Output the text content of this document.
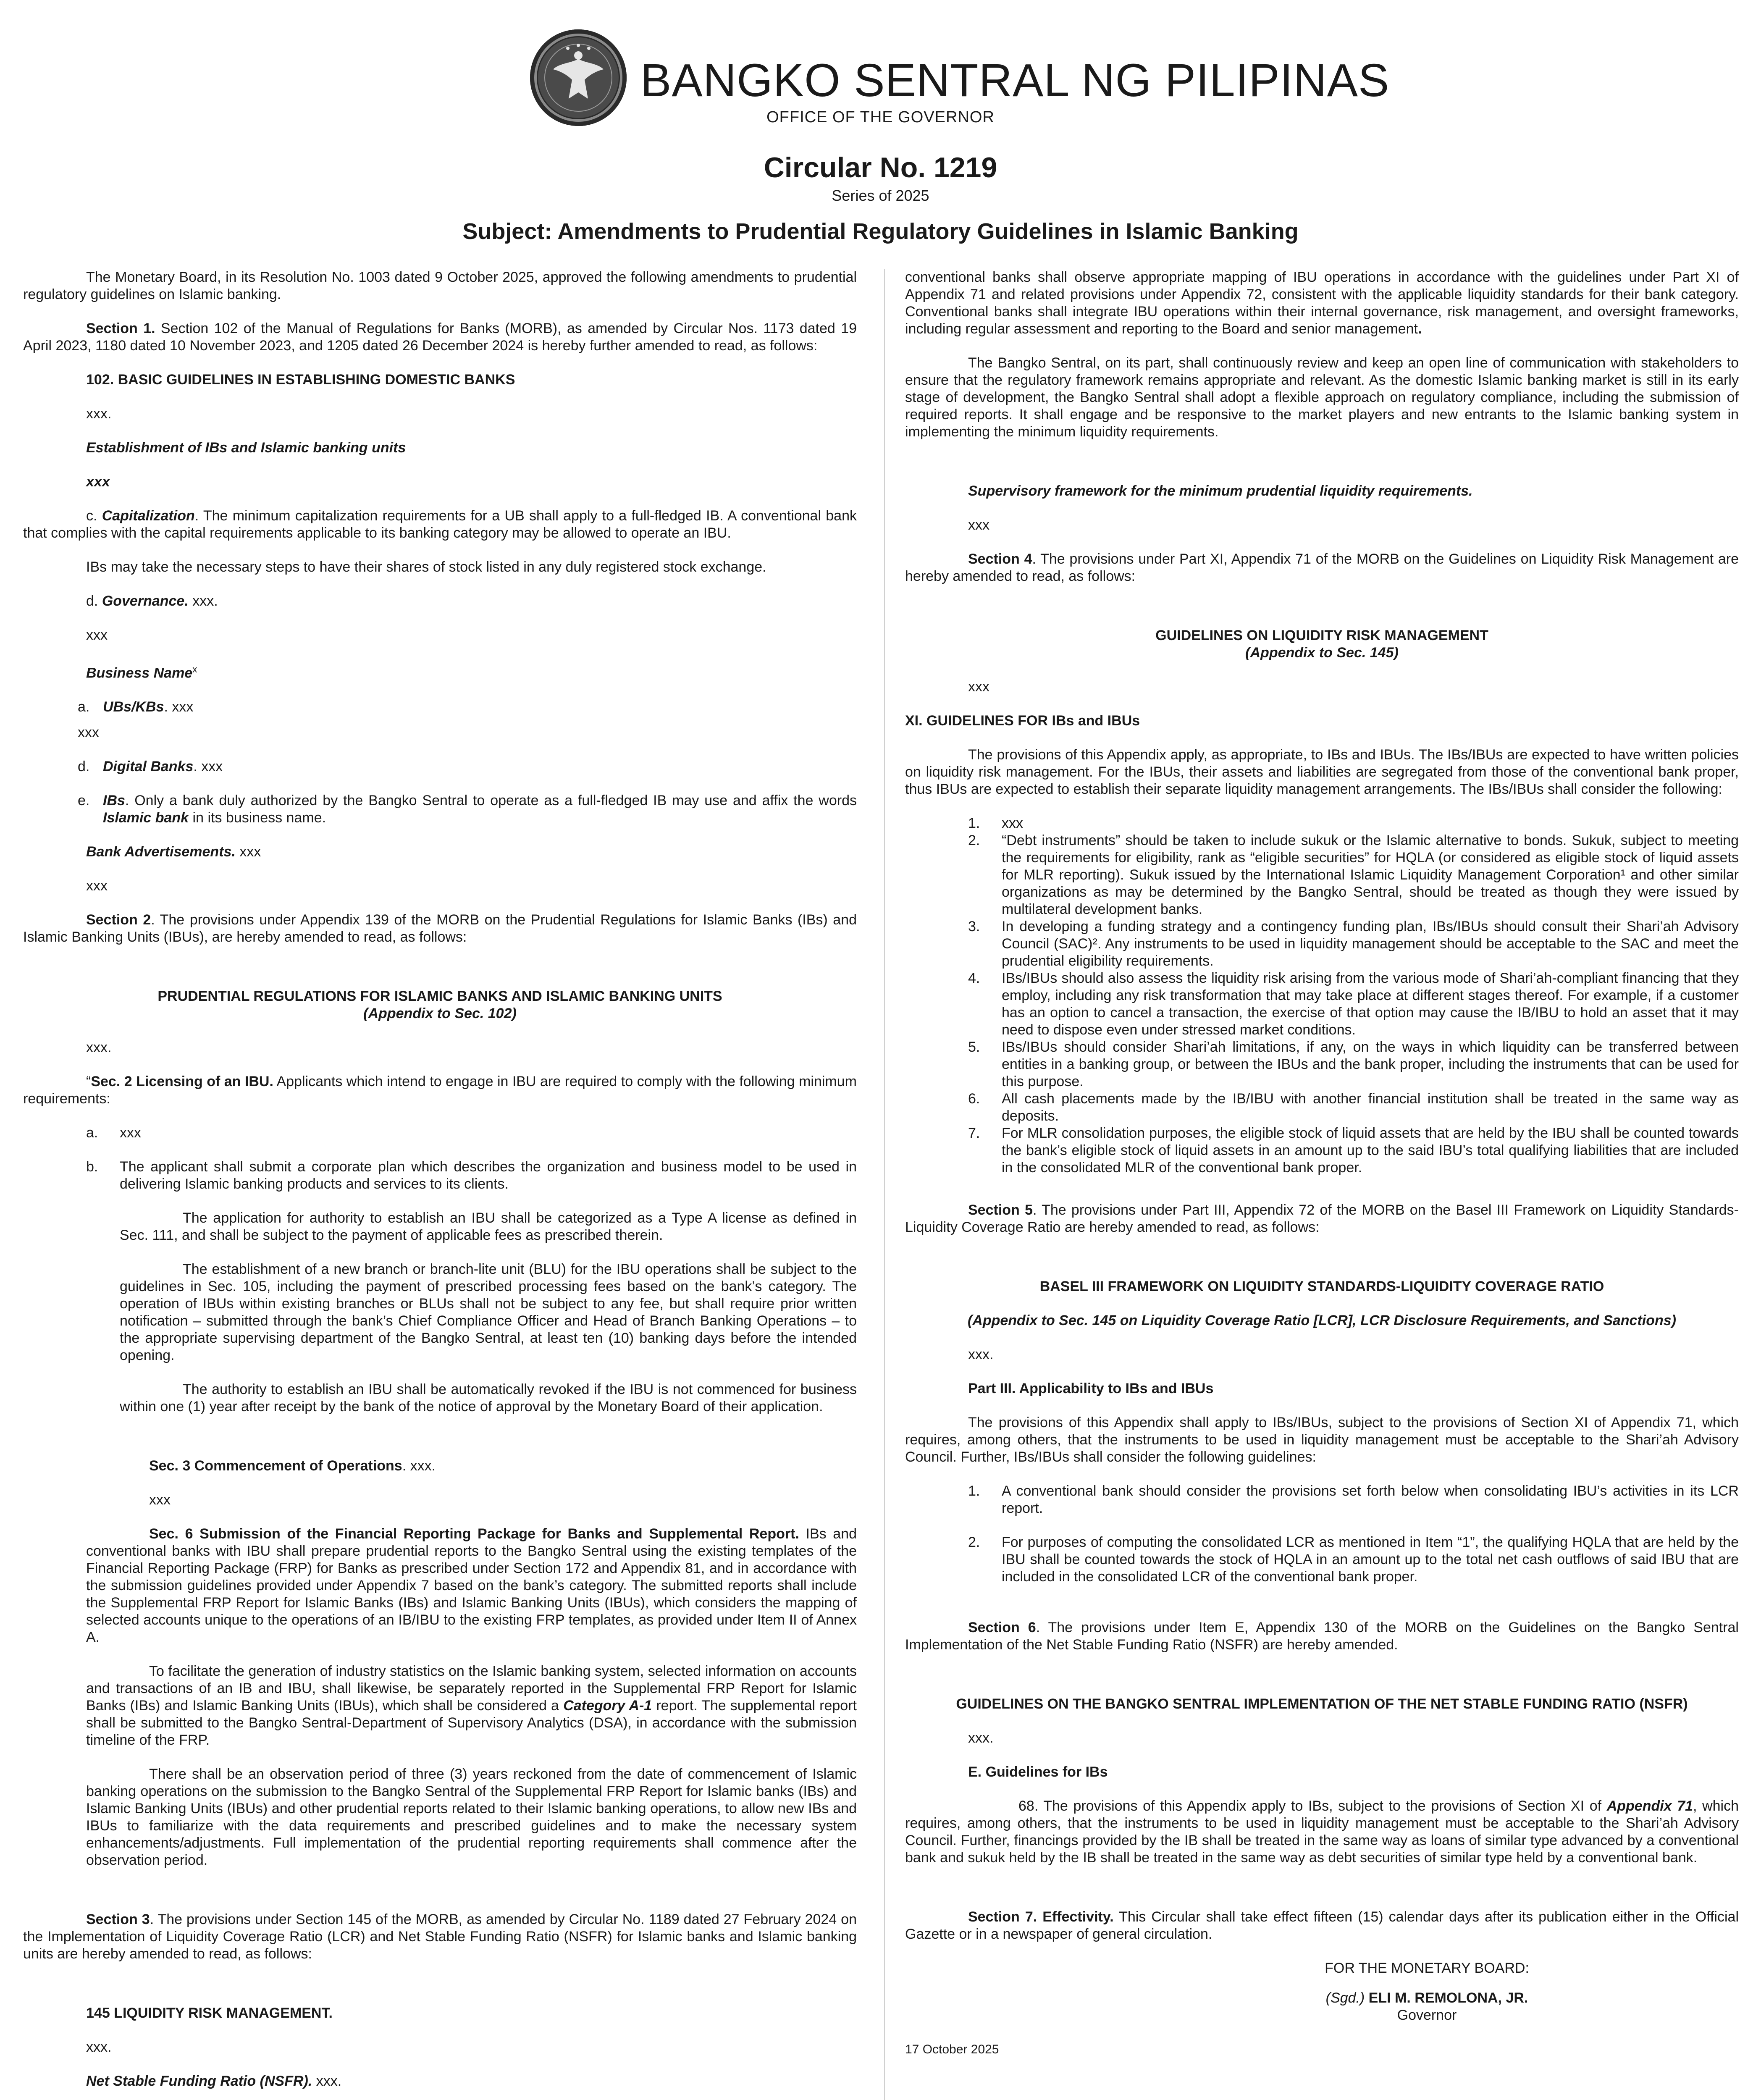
BANGKO SENTRAL NG PILIPINAS

OFFICE OF THE GOVERNOR

Circular No. 1219

Series of 2025

Subject: Amendments to Prudential Regulatory Guidelines in Islamic Banking

The Monetary Board, in its Resolution No. 1003 dated 9 October 2025, approved the following amendments to prudential regulatory guidelines on Islamic banking.

Section 1. Section 102 of the Manual of Regulations for Banks (MORB), as amended by Circular Nos. 1173 dated 19 April 2023, 1180 dated 10 November 2023, and 1205 dated 26 December 2024 is hereby further amended to read, as follows:

102. BASIC GUIDELINES IN ESTABLISHING DOMESTIC BANKS

xxx.

Establishment of IBs and Islamic banking units

xxx

c. Capitalization. The minimum capitalization requirements for a UB shall apply to a full-fledged IB. A conventional bank that complies with the capital requirements applicable to its banking category may be allowed to operate an IBU.

IBs may take the necessary steps to have their shares of stock listed in any duly registered stock exchange.

d. Governance. xxx.

xxx

Business Name$^x$

a. UBs/KBs. xxx

xxx

d. Digital Banks. xxx
e. IBs. Only a bank duly authorized by the Bangko Sentral to operate as a full-fledged IB may use and affix the words Islamic bank in its business name.

Bank Advertisements. xxx

xxx

Section 2. The provisions under Appendix 139 of the MORB on the Prudential Regulations for Islamic Banks (IBs) and Islamic Banking Units (IBUs), are hereby amended to read, as follows:

PRUDENTIAL REGULATIONS FOR ISLAMIC BANKS AND ISLAMIC BANKING UNITS

(Appendix to Sec. 102)

xxx.

“Sec. 2 Licensing of an IBU. Applicants which intend to engage in IBU are required to comply with the following minimum requirements:

a. xxx
b. The applicant shall submit a corporate plan which describes the organization and business model to be used in delivering Islamic banking products and services to its clients.

The application for authority to establish an IBU shall be categorized as a Type A license as defined in Sec. 111, and shall be subject to the payment of applicable fees as prescribed therein.

The establishment of a new branch or branch-lite unit (BLU) for the IBU operations shall be subject to the guidelines in Sec. 105, including the payment of prescribed processing fees based on the bank’s category. The operation of IBUs within existing branches or BLUs shall not be subject to any fee, but shall require prior written notification – submitted through the bank’s Chief Compliance Officer and Head of Branch Banking Operations – to the appropriate supervising department of the Bangko Sentral, at least ten (10) banking days before the intended opening.

The authority to establish an IBU shall be automatically revoked if the IBU is not commenced for business within one (1) year after receipt by the bank of the notice of approval by the Monetary Board of their application.

Sec. 3 Commencement of Operations. xxx.

xxx

Sec. 6 Submission of the Financial Reporting Package for Banks and Supplemental Report. IBs and conventional banks with IBU shall prepare prudential reports to the Bangko Sentral using the existing templates of the Financial Reporting Package (FRP) for Banks as prescribed under Section 172 and Appendix 81, and in accordance with the submission guidelines provided under Appendix 7 based on the bank’s category. The submitted reports shall include the Supplemental FRP Report for Islamic Banks (IBs) and Islamic Banking Units (IBUs), which considers the mapping of selected accounts unique to the operations of an IB/IBU to the existing FRP templates, as provided under Item II of Annex A.

To facilitate the generation of industry statistics on the Islamic banking system, selected information on accounts and transactions of an IB and IBU, shall likewise, be separately reported in the Supplemental FRP Report for Islamic Banks (IBs) and Islamic Banking Units (IBUs), which shall be considered a Category A-1 report. The supplemental report shall be submitted to the Bangko Sentral-Department of Supervisory Analytics (DSA), in accordance with the submission timeline of the FRP.

There shall be an observation period of three (3) years reckoned from the date of commencement of Islamic banking operations on the submission to the Bangko Sentral of the Supplemental FRP Report for Islamic banks (IBs) and Islamic Banking Units (IBUs) and other prudential reports related to their Islamic banking operations, to allow new IBs and IBUs to familiarize with the data requirements and prescribed guidelines and to make the necessary system enhancements/adjustments. Full implementation of the prudential reporting requirements shall commence after the observation period.

Section 3. The provisions under Section 145 of the MORB, as amended by Circular No. 1189 dated 27 February 2024 on the Implementation of Liquidity Coverage Ratio (LCR) and Net Stable Funding Ratio (NSFR) for Islamic banks and Islamic banking units are hereby amended to read, as follows:

145 LIQUIDITY RISK MANAGEMENT.

xxx.

Net Stable Funding Ratio (NSFR). xxx.

conventional banks shall observe appropriate mapping of IBU operations in accordance with the guidelines under Part XI of Appendix 71 and related provisions under Appendix 72, consistent with the applicable liquidity standards for their bank category. Conventional banks shall integrate IBU operations within their internal governance, risk management, and oversight frameworks, including regular assessment and reporting to the Board and senior management.

The Bangko Sentral, on its part, shall continuously review and keep an open line of communication with stakeholders to ensure that the regulatory framework remains appropriate and relevant. As the domestic Islamic banking market is still in its early stage of development, the Bangko Sentral shall adopt a flexible approach on regulatory compliance, including the submission of required reports. It shall engage and be responsive to the market players and new entrants to the Islamic banking system in implementing the minimum liquidity requirements.

Supervisory framework for the minimum prudential liquidity requirements.

xxx

Section 4. The provisions under Part XI, Appendix 71 of the MORB on the Guidelines on Liquidity Risk Management are hereby amended to read, as follows:

GUIDELINES ON LIQUIDITY RISK MANAGEMENT

(Appendix to Sec. 145)

xxx

XI. GUIDELINES FOR IBs and IBUs

The provisions of this Appendix apply, as appropriate, to IBs and IBUs. The IBs/IBUs are expected to have written policies on liquidity risk management. For the IBUs, their assets and liabilities are segregated from those of the conventional bank proper, thus IBUs are expected to establish their separate liquidity management arrangements. The IBs/IBUs shall consider the following:

1. xxx
2. “Debt instruments” should be taken to include sukuk or the Islamic alternative to bonds. Sukuk, subject to meeting the requirements for eligibility, rank as “eligible securities” for HQLA (or considered as eligible stock of liquid assets for MLR reporting). Sukuk issued by the International Islamic Liquidity Management Corporation¹ and other similar organizations as may be determined by the Bangko Sentral, should be treated as though they were issued by multilateral development banks.
3. In developing a funding strategy and a contingency funding plan, IBs/IBUs should consult their Shari’ah Advisory Council (SAC)². Any instruments to be used in liquidity management should be acceptable to the SAC and meet the prudential eligibility requirements.
4. IBs/IBUs should also assess the liquidity risk arising from the various mode of Shari’ah-compliant financing that they employ, including any risk transformation that may take place at different stages thereof. For example, if a customer has an option to cancel a transaction, the exercise of that option may cause the IB/IBU to hold an asset that it may need to dispose even under stressed market conditions.
5. IBs/IBUs should consider Shari’ah limitations, if any, on the ways in which liquidity can be transferred between entities in a banking group, or between the IBUs and the bank proper, including the instruments that can be used for this purpose.
6. All cash placements made by the IB/IBU with another financial institution shall be treated in the same way as deposits.
7. For MLR consolidation purposes, the eligible stock of liquid assets that are held by the IBU shall be counted towards the bank’s eligible stock of liquid assets in an amount up to the said IBU’s total qualifying liabilities that are included in the consolidated MLR of the conventional bank proper.

Section 5. The provisions under Part III, Appendix 72 of the MORB on the Basel III Framework on Liquidity Standards-Liquidity Coverage Ratio are hereby amended to read, as follows:

BASEL III FRAMEWORK ON LIQUIDITY STANDARDS-LIQUIDITY COVERAGE RATIO

(Appendix to Sec. 145 on Liquidity Coverage Ratio [LCR], LCR Disclosure Requirements, and Sanctions)

xxx.

Part III. Applicability to IBs and IBUs

The provisions of this Appendix shall apply to IBs/IBUs, subject to the provisions of Section XI of Appendix 71, which requires, among others, that the instruments to be used in liquidity management must be acceptable to the Shari’ah Advisory Council. Further, IBs/IBUs shall consider the following guidelines:

1. A conventional bank should consider the provisions set forth below when consolidating IBU’s activities in its LCR report.
2. For purposes of computing the consolidated LCR as mentioned in Item “1”, the qualifying HQLA that are held by the IBU shall be counted towards the stock of HQLA in an amount up to the total net cash outflows of said IBU that are included in the consolidated LCR of the conventional bank proper.

Section 6. The provisions under Item E, Appendix 130 of the MORB on the Guidelines on the Bangko Sentral Implementation of the Net Stable Funding Ratio (NSFR) are hereby amended.

GUIDELINES ON THE BANGKO SENTRAL IMPLEMENTATION OF THE NET STABLE FUNDING RATIO (NSFR)

xxx.

E. Guidelines for IBs

68. The provisions of this Appendix apply to IBs, subject to the provisions of Section XI of Appendix 71, which requires, among others, that the instruments to be used in liquidity management must be acceptable to the Shari’ah Advisory Council. Further, financings provided by the IB shall be treated in the same way as loans of similar type advanced by a conventional bank and sukuk held by the IB shall be treated in the same way as debt securities of similar type held by a conventional bank.

Section 7. Effectivity. This Circular shall take effect fifteen (15) calendar days after its publication either in the Official Gazette or in a newspaper of general circulation.

FOR THE MONETARY BOARD:

(Sgd.) ELI M. REMOLONA, JR.

Governor

17 October 2025
